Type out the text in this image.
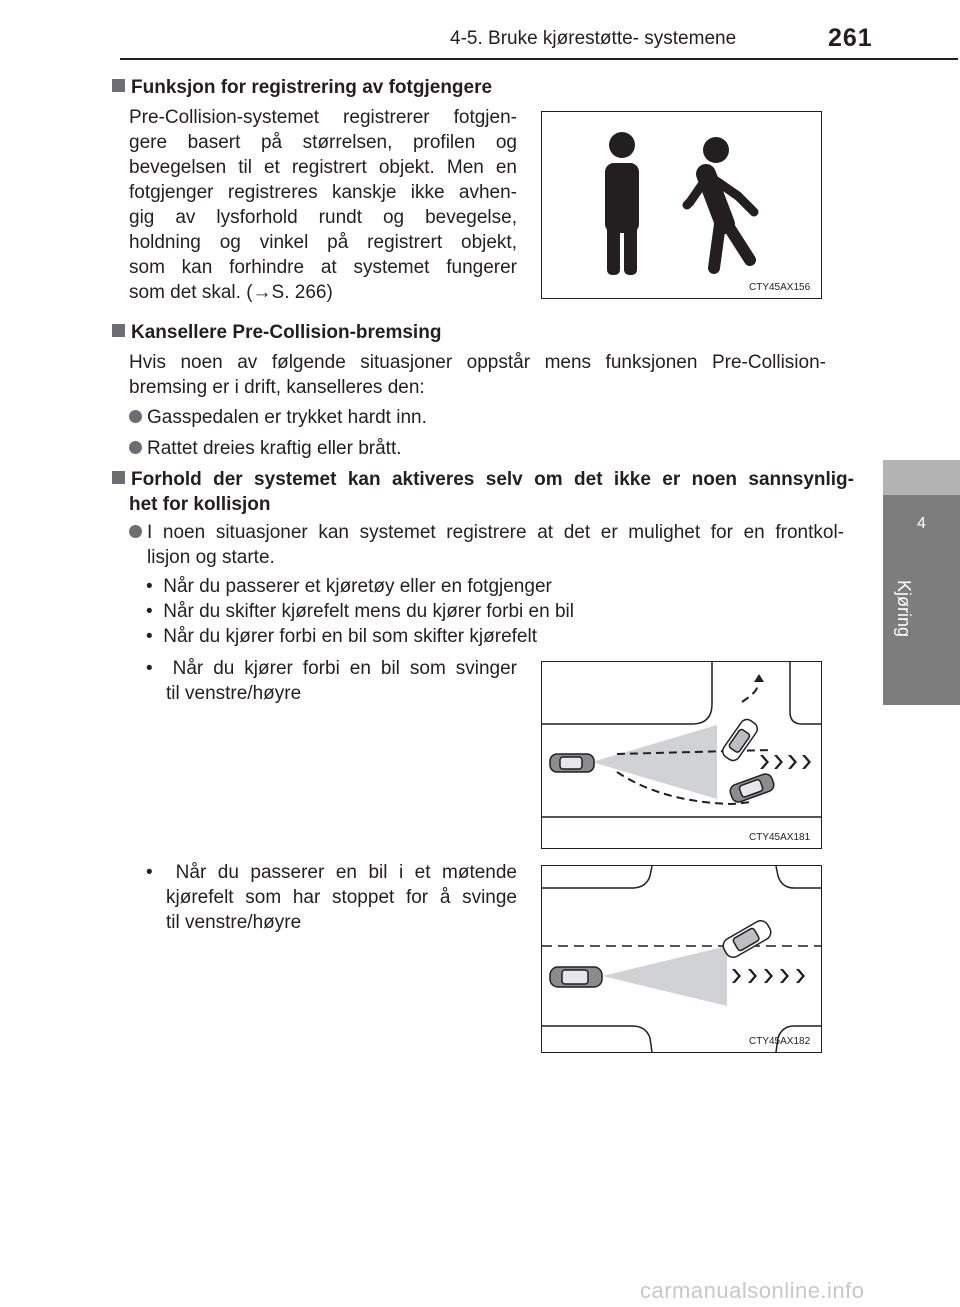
4-5. Bruke kjørestøtte- systemene	261
4
Kjøring
Funksjon for registrering av fotgjengere
Pre-Collision-systemet registrerer fotgjen-
gere basert på størrelsen, profilen og
bevegelsen til et registrert objekt. Men en
fotgjenger registreres kanskje ikke avhen-
gig av lysforhold rundt og bevegelse,
holdning og vinkel på registrert objekt,
som kan forhindre at systemet fungerer
som det skal. (→S. 266)	CTY45AX156
Kansellere Pre-Collision-bremsing
Hvis noen av følgende situasjoner oppstår mens funksjonen Pre-Collision-
bremsing er i drift, kanselleres den:
Gasspedalen er trykket hardt inn.
Rattet dreies kraftig eller brått.
Forhold der systemet kan aktiveres selv om det ikke er noen sannsynlig-
het for kollisjon
I noen situasjoner kan systemet registrere at det er mulighet for en frontkol-
lisjon og starte.
•  Når du passerer et kjøretøy eller en fotgjenger
•  Når du skifter kjørefelt mens du kjører forbi en bil
•  Når du kjører forbi en bil som skifter kjørefelt
•  Når du kjører forbi en bil som svinger
til venstre/høyre
•  Når du passerer en bil i et møtende
kjørefelt som har stoppet for å svinge
til venstre/høyre
CTY45AX181
CTY45AX182
carmanualsonline.info
